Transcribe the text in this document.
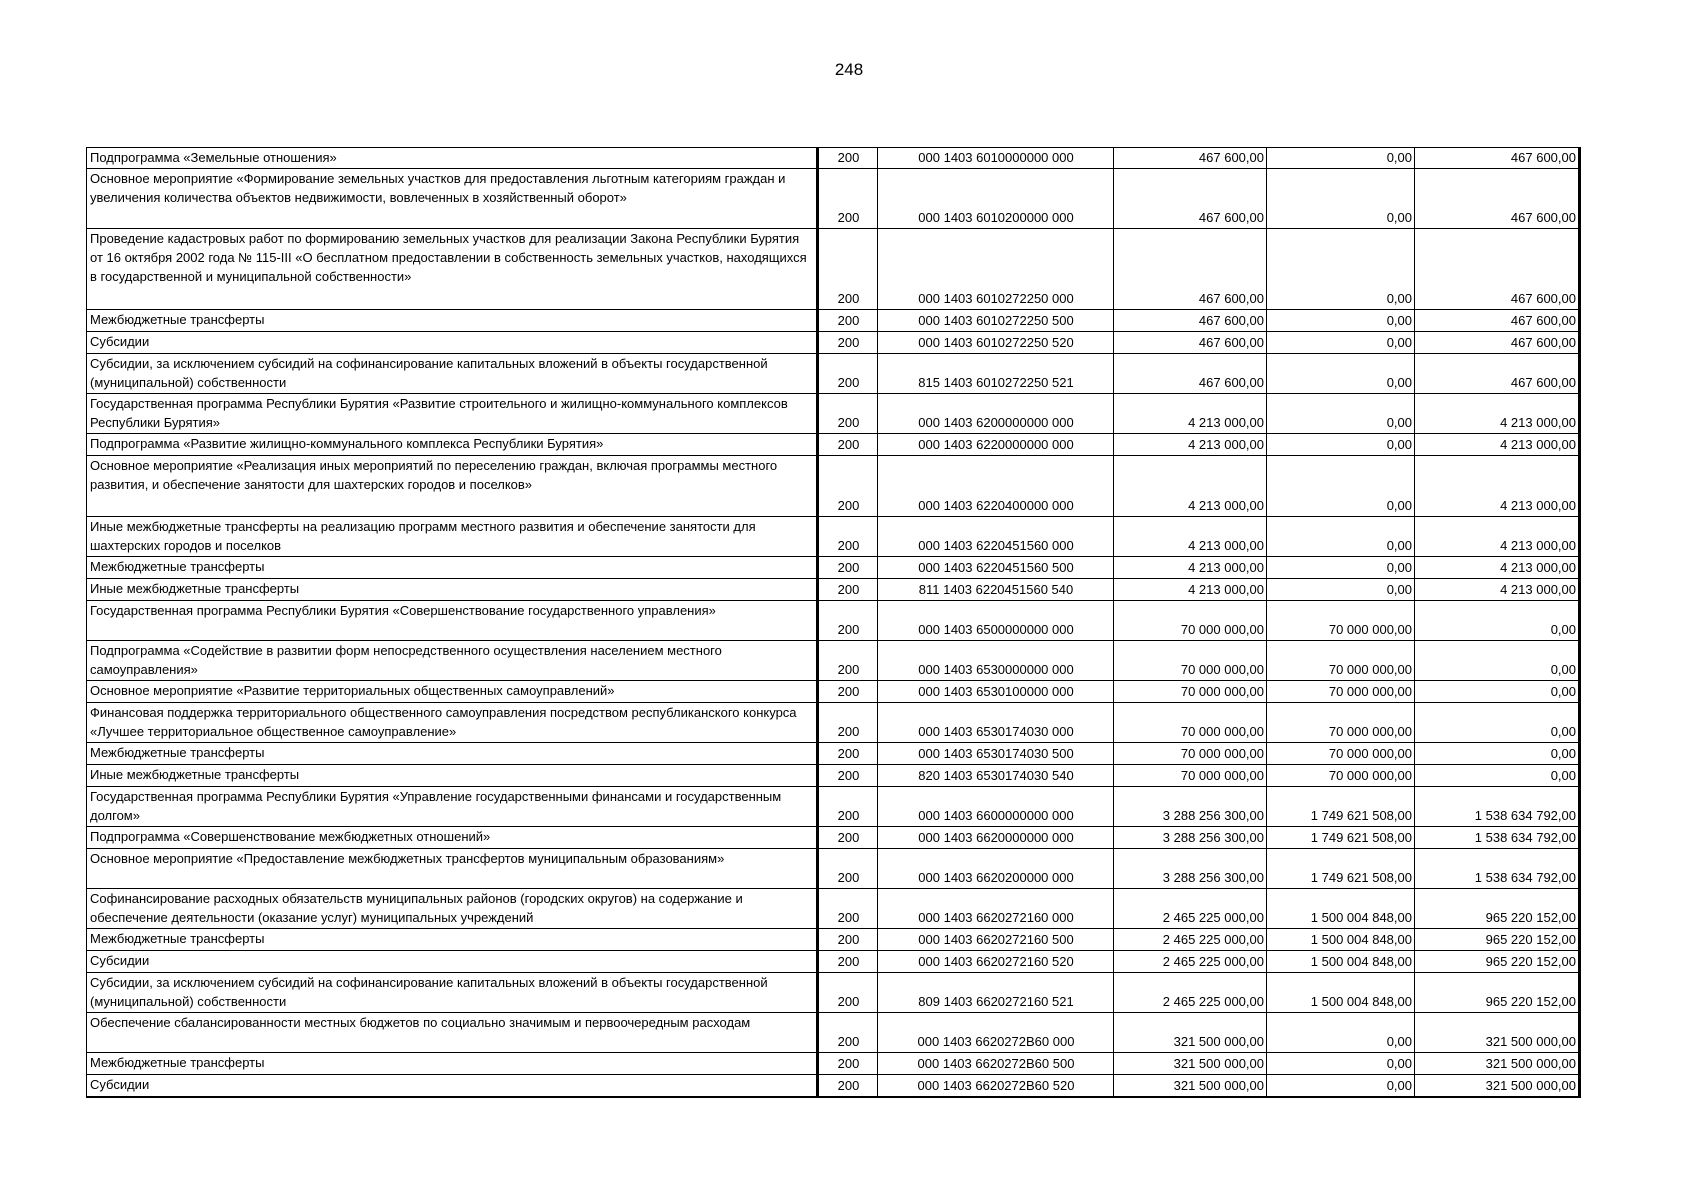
248
Подпрограмма «Земельные отношения»	200	000 1403 6010000000 000	467 600,00	0,00	467 600,00
Основное мероприятие «Формирование земельных участков для предоставления льготным категориям граждан и увеличения количества объектов недвижимости, вовлеченных в хозяйственный оборот»	200	000 1403 6010200000 000	467 600,00	0,00	467 600,00
Проведение кадастровых работ по формированию земельных участков для реализации Закона Республики Бурятия от 16 октября 2002 года № 115-III «О бесплатном предоставлении в собственность земельных участков, находящихся в государственной и муниципальной собственности»	200	000 1403 6010272250 000	467 600,00	0,00	467 600,00
Межбюджетные трансферты	200	000 1403 6010272250 500	467 600,00	0,00	467 600,00
Субсидии	200	000 1403 6010272250 520	467 600,00	0,00	467 600,00
Субсидии, за исключением субсидий на софинансирование капитальных вложений в объекты государственной (муниципальной) собственности	200	815 1403 6010272250 521	467 600,00	0,00	467 600,00
Государственная программа Республики Бурятия «Развитие строительного и жилищно-коммунального комплексов Республики Бурятия»	200	000 1403 6200000000 000	4 213 000,00	0,00	4 213 000,00
Подпрограмма «Развитие жилищно-коммунального комплекса Республики Бурятия»	200	000 1403 6220000000 000	4 213 000,00	0,00	4 213 000,00
Основное мероприятие «Реализация иных мероприятий по переселению граждан, включая программы местного развития, и обеспечение занятости для шахтерских городов и поселков»	200	000 1403 6220400000 000	4 213 000,00	0,00	4 213 000,00
Иные межбюджетные трансферты на реализацию программ местного развития и обеспечение занятости для шахтерских городов и поселков	200	000 1403 6220451560 000	4 213 000,00	0,00	4 213 000,00
Межбюджетные трансферты	200	000 1403 6220451560 500	4 213 000,00	0,00	4 213 000,00
Иные межбюджетные трансферты	200	811 1403 6220451560 540	4 213 000,00	0,00	4 213 000,00
Государственная программа Республики Бурятия «Совершенствование государственного управления»	200	000 1403 6500000000 000	70 000 000,00	70 000 000,00	0,00
Подпрограмма «Содействие в развитии форм непосредственного осуществления населением местного самоуправления»	200	000 1403 6530000000 000	70 000 000,00	70 000 000,00	0,00
Основное мероприятие «Развитие территориальных общественных самоуправлений»	200	000 1403 6530100000 000	70 000 000,00	70 000 000,00	0,00
Финансовая поддержка территориального общественного самоуправления посредством республиканского конкурса «Лучшее территориальное общественное самоуправление»	200	000 1403 6530174030 000	70 000 000,00	70 000 000,00	0,00
Межбюджетные трансферты	200	000 1403 6530174030 500	70 000 000,00	70 000 000,00	0,00
Иные межбюджетные трансферты	200	820 1403 6530174030 540	70 000 000,00	70 000 000,00	0,00
Государственная программа Республики Бурятия «Управление государственными финансами и государственным долгом»	200	000 1403 6600000000 000	3 288 256 300,00	1 749 621 508,00	1 538 634 792,00
Подпрограмма «Совершенствование межбюджетных отношений»	200	000 1403 6620000000 000	3 288 256 300,00	1 749 621 508,00	1 538 634 792,00
Основное мероприятие «Предоставление межбюджетных трансфертов муниципальным образованиям»	200	000 1403 6620200000 000	3 288 256 300,00	1 749 621 508,00	1 538 634 792,00
Софинансирование расходных обязательств муниципальных районов (городских округов) на содержание и обеспечение деятельности (оказание услуг) муниципальных учреждений	200	000 1403 6620272160 000	2 465 225 000,00	1 500 004 848,00	965 220 152,00
Межбюджетные трансферты	200	000 1403 6620272160 500	2 465 225 000,00	1 500 004 848,00	965 220 152,00
Субсидии	200	000 1403 6620272160 520	2 465 225 000,00	1 500 004 848,00	965 220 152,00
Субсидии, за исключением субсидий на софинансирование капитальных вложений в объекты государственной (муниципальной) собственности	200	809 1403 6620272160 521	2 465 225 000,00	1 500 004 848,00	965 220 152,00
Обеспечение сбалансированности местных бюджетов по социально значимым и первоочередным расходам	200	000 1403 6620272В60 000	321 500 000,00	0,00	321 500 000,00
Межбюджетные трансферты	200	000 1403 6620272В60 500	321 500 000,00	0,00	321 500 000,00
Субсидии	200	000 1403 6620272В60 520	321 500 000,00	0,00	321 500 000,00
